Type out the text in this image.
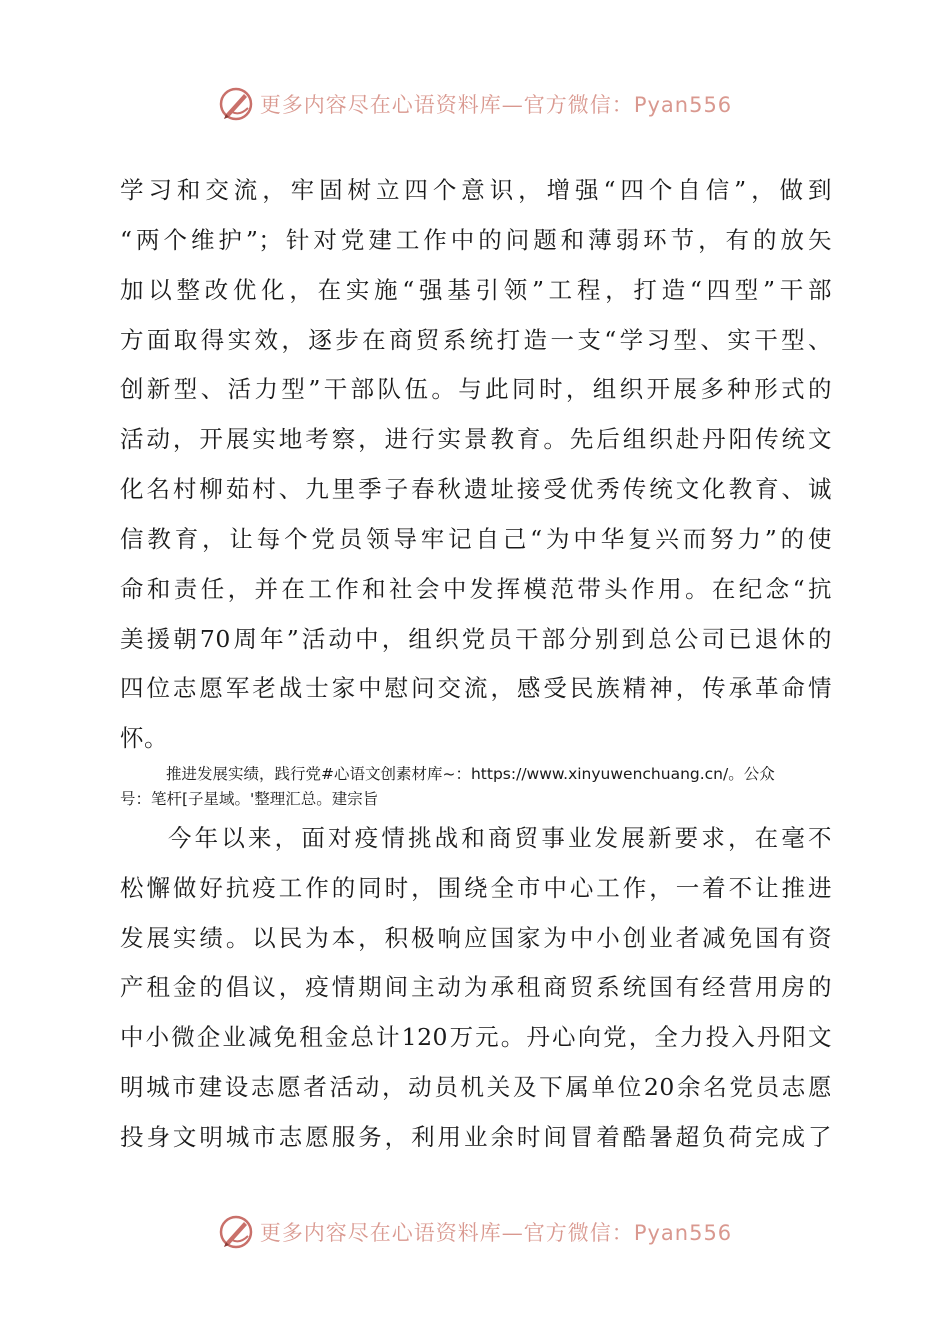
更多内容尽在心语资料库—官方微信：Pyan556
学习和交流，牢固树立四个意识，增强“四个自信”，做到
“两个维护”；针对党建工作中的问题和薄弱环节，有的放矢
加以整改优化，在实施“强基引领”工程，打造“四型”干部
方面取得实效，逐步在商贸系统打造一支“学习型、实干型、
创新型、活力型”干部队伍。与此同时，组织开展多种形式的
活动，开展实地考察，进行实景教育。先后组织赴丹阳传统文
化名村柳茹村、九里季子春秋遗址接受优秀传统文化教育、诚
信教育，让每个党员领导牢记自己“为中华复兴而努力”的使
命和责任，并在工作和社会中发挥模范带头作用。在纪念“抗
美援朝70周年”活动中，组织党员干部分别到总公司已退休的
四位志愿军老战士家中慰问交流，感受民族精神，传承革命情
怀。
推进发展实绩，践行党#心语文创素材库~：https://www.xinyuwenchuang.cn/。公众
号：笔杆[子星域。'整理汇总。建宗旨
今年以来，面对疫情挑战和商贸事业发展新要求，在毫不
松懈做好抗疫工作的同时，围绕全市中心工作，一着不让推进
发展实绩。以民为本，积极响应国家为中小创业者减免国有资
产租金的倡议，疫情期间主动为承租商贸系统国有经营用房的
中小微企业减免租金总计120万元。丹心向党，全力投入丹阳文
明城市建设志愿者活动，动员机关及下属单位20余名党员志愿
投身文明城市志愿服务，利用业余时间冒着酷暑超负荷完成了
更多内容尽在心语资料库—官方微信：Pyan556
